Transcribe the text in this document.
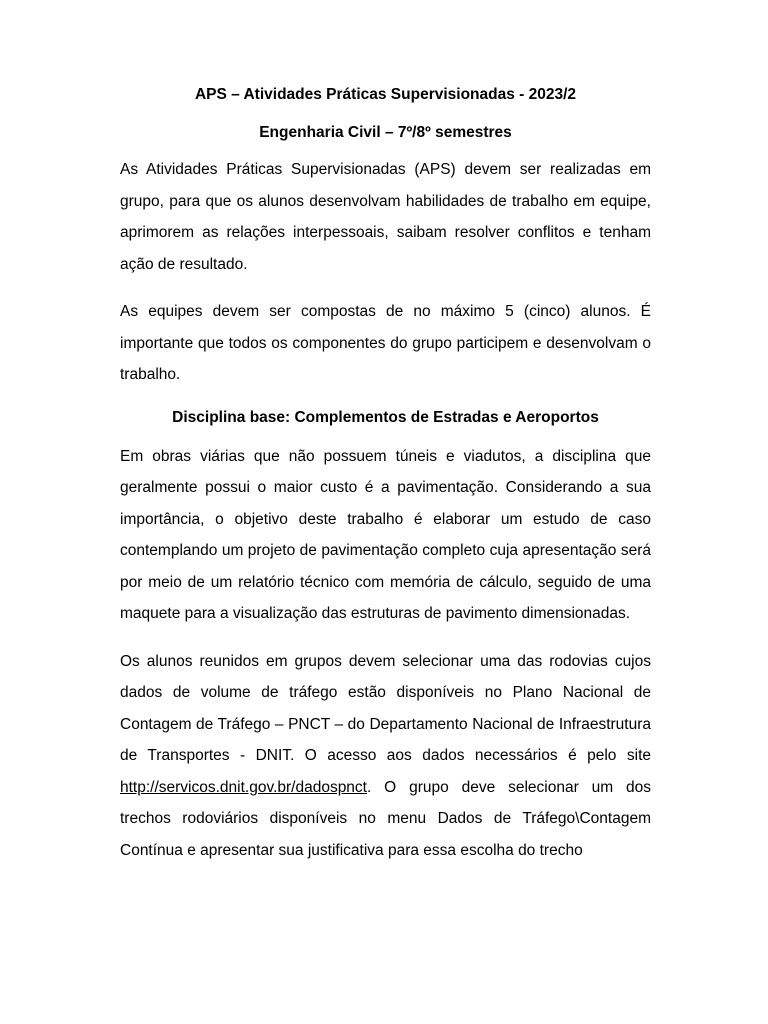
APS – Atividades Práticas Supervisionadas - 2023/2

Engenharia Civil – 7º/8º semestres

As Atividades Práticas Supervisionadas (APS) devem ser realizadas em grupo, para que os alunos desenvolvam habilidades de trabalho em equipe, aprimorem as relações interpessoais, saibam resolver conflitos e tenham ação de resultado.

As equipes devem ser compostas de no máximo 5 (cinco) alunos. É importante que todos os componentes do grupo participem e desenvolvam o trabalho.

Disciplina base: Complementos de Estradas e Aeroportos

Em obras viárias que não possuem túneis e viadutos, a disciplina que geralmente possui o maior custo é a pavimentação. Considerando a sua importância, o objetivo deste trabalho é elaborar um estudo de caso contemplando um projeto de pavimentação completo cuja apresentação será por meio de um relatório técnico com memória de cálculo, seguido de uma maquete para a visualização das estruturas de pavimento dimensionadas.

Os alunos reunidos em grupos devem selecionar uma das rodovias cujos dados de volume de tráfego estão disponíveis no Plano Nacional de Contagem de Tráfego – PNCT – do Departamento Nacional de Infraestrutura de Transportes - DNIT. O acesso aos dados necessários é pelo site http://servicos.dnit.gov.br/dadospnct. O grupo deve selecionar um dos trechos rodoviários disponíveis no menu Dados de Tráfego\Contagem Contínua e apresentar sua justificativa para essa escolha do trecho
